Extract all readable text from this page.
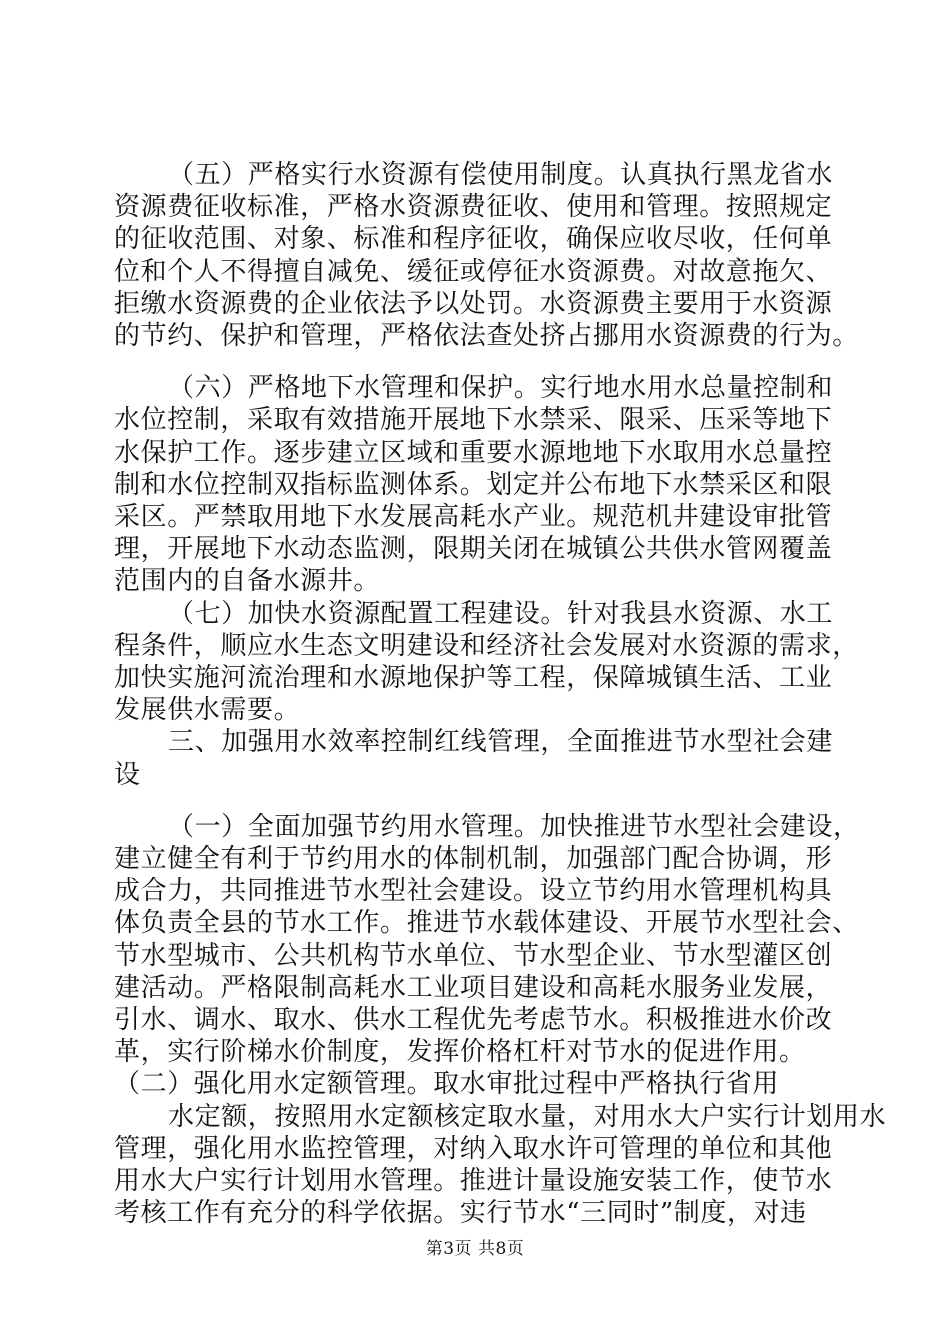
（五）严格实行水资源有偿使用制度。认真执行黑龙省水
资源费征收标准，严格水资源费征收、使用和管理。按照规定
的征收范围、对象、标准和程序征收，确保应收尽收，任何单
位和个人不得擅自减免、缓征或停征水资源费。对故意拖欠、
拒缴水资源费的企业依法予以处罚。水资源费主要用于水资源
的节约、保护和管理，严格依法查处挤占挪用水资源费的行为。
（六）严格地下水管理和保护。实行地水用水总量控制和
水位控制，采取有效措施开展地下水禁采、限采、压采等地下
水保护工作。逐步建立区域和重要水源地地下水取用水总量控
制和水位控制双指标监测体系。划定并公布地下水禁采区和限
采区。严禁取用地下水发展高耗水产业。规范机井建设审批管
理，开展地下水动态监测，限期关闭在城镇公共供水管网覆盖
范围内的自备水源井。
（七）加快水资源配置工程建设。针对我县水资源、水工
程条件，顺应水生态文明建设和经济社会发展对水资源的需求，
加快实施河流治理和水源地保护等工程，保障城镇生活、工业
发展供水需要。
三、加强用水效率控制红线管理，全面推进节水型社会建
设
（一）全面加强节约用水管理。加快推进节水型社会建设，
建立健全有利于节约用水的体制机制，加强部门配合协调，形
成合力，共同推进节水型社会建设。设立节约用水管理机构具
体负责全县的节水工作。推进节水载体建设、开展节水型社会、
节水型城市、公共机构节水单位、节水型企业、节水型灌区创
建活动。严格限制高耗水工业项目建设和高耗水服务业发展，
引水、调水、取水、供水工程优先考虑节水。积极推进水价改
革，实行阶梯水价制度，发挥价格杠杆对节水的促进作用。
（二）强化用水定额管理。取水审批过程中严格执行省用
水定额，按照用水定额核定取水量，对用水大户实行计划用水
管理，强化用水监控管理，对纳入取水许可管理的单位和其他
用水大户实行计划用水管理。推进计量设施安装工作，使节水
考核工作有充分的科学依据。实行节水“三同时”制度，对违
第3页 共8页
